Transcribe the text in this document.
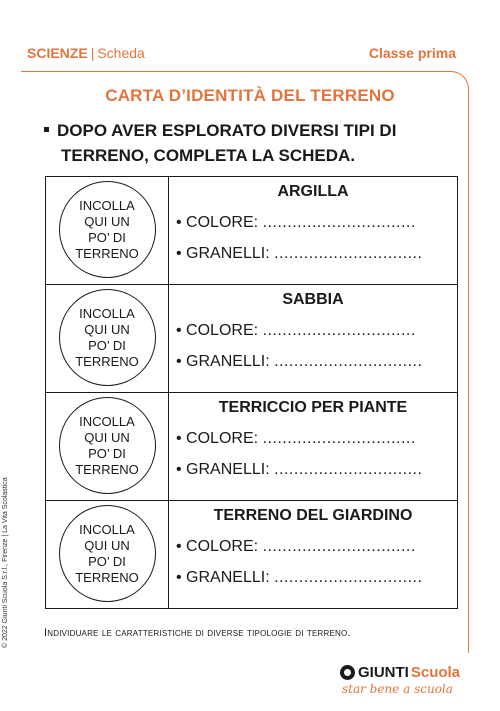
SCIENZE | Scheda	Classe prima
CARTA D’IDENTITÀ DEL TERRENO
DOPO AVER ESPLORATO DIVERSI TIPI DI
TERRENO, COMPLETA LA SCHEDA.
INCOLLA QUI UN PO’ DI TERRENO	ARGILLA
• COLORE: ...............................
• GRANELLI: ..............................

INCOLLA QUI UN PO’ DI TERRENO	SABBIA
• COLORE: ...............................
• GRANELLI: ..............................

INCOLLA QUI UN PO’ DI TERRENO	TERRICCIO PER PIANTE
• COLORE: ...............................
• GRANELLI: ..............................

INCOLLA QUI UN PO’ DI TERRENO	TERRENO DEL GIARDINO
• COLORE: ...............................
• GRANELLI: ..............................
Individuare le caratteristiche di diverse tipologie di terreno.
© 2022 Giunti Scuola S.r.l., Firenze | La Vita Scolastica
GIUNTI Scuola
star bene a scuola
